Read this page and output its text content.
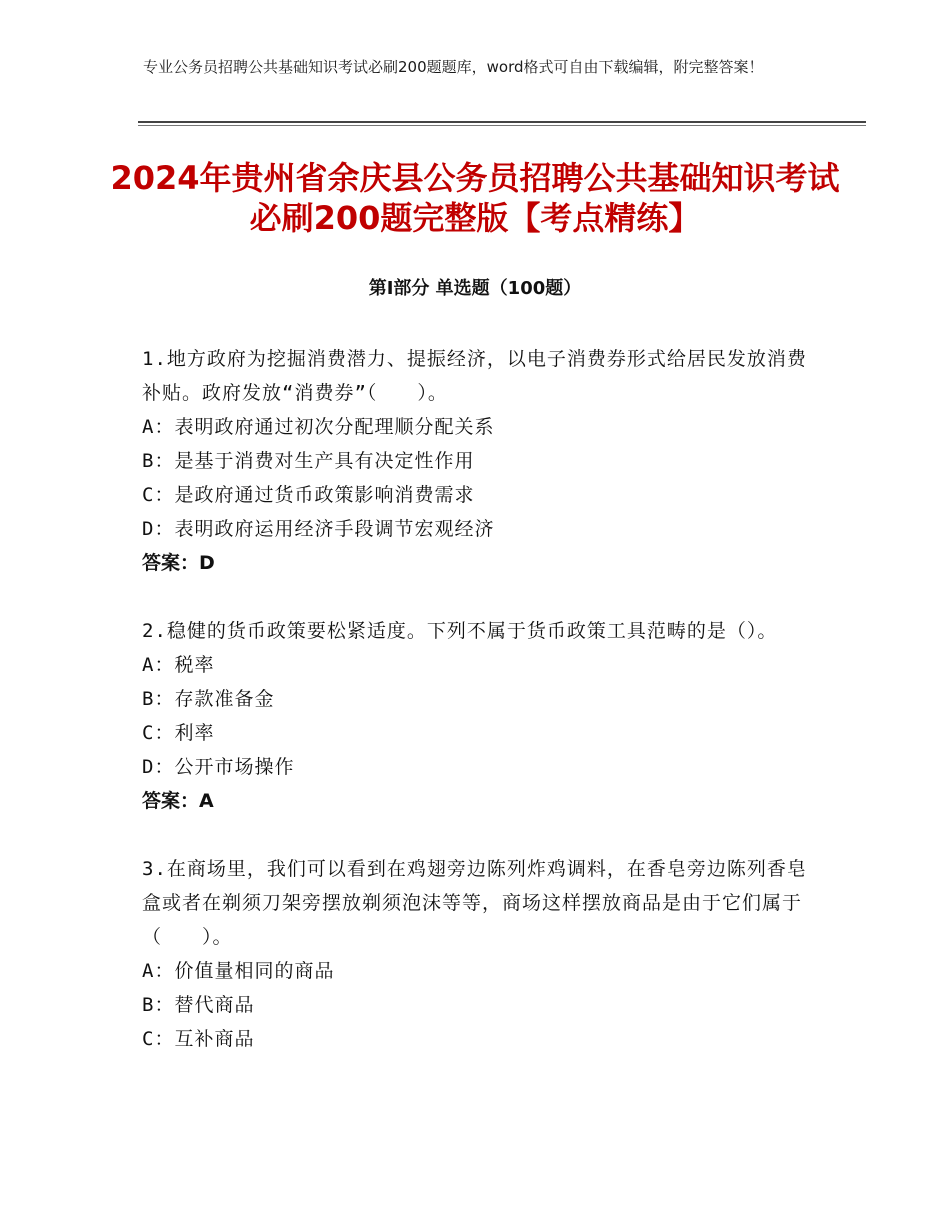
专业公务员招聘公共基础知识考试必刷200题题库，word格式可自由下载编辑，附完整答案！
2024年贵州省余庆县公务员招聘公共基础知识考试必刷200题完整版【考点精练】
第Ⅰ部分 单选题（100题）
1.地方政府为挖掘消费潜力、提振经济，以电子消费券形式给居民发放消费补贴。政府发放“消费券”（　　）。
A：表明政府通过初次分配理顺分配关系
B：是基于消费对生产具有决定性作用
C：是政府通过货币政策影响消费需求
D：表明政府运用经济手段调节宏观经济
答案：D
2.稳健的货币政策要松紧适度。下列不属于货币政策工具范畴的是（）。
A：税率
B：存款准备金
C：利率
D：公开市场操作
答案：A
3.在商场里，我们可以看到在鸡翅旁边陈列炸鸡调料，在香皂旁边陈列香皂盒或者在剃须刀架旁摆放剃须泡沫等等，商场这样摆放商品是由于它们属于（　　）。
A：价值量相同的商品
B：替代商品
C：互补商品
